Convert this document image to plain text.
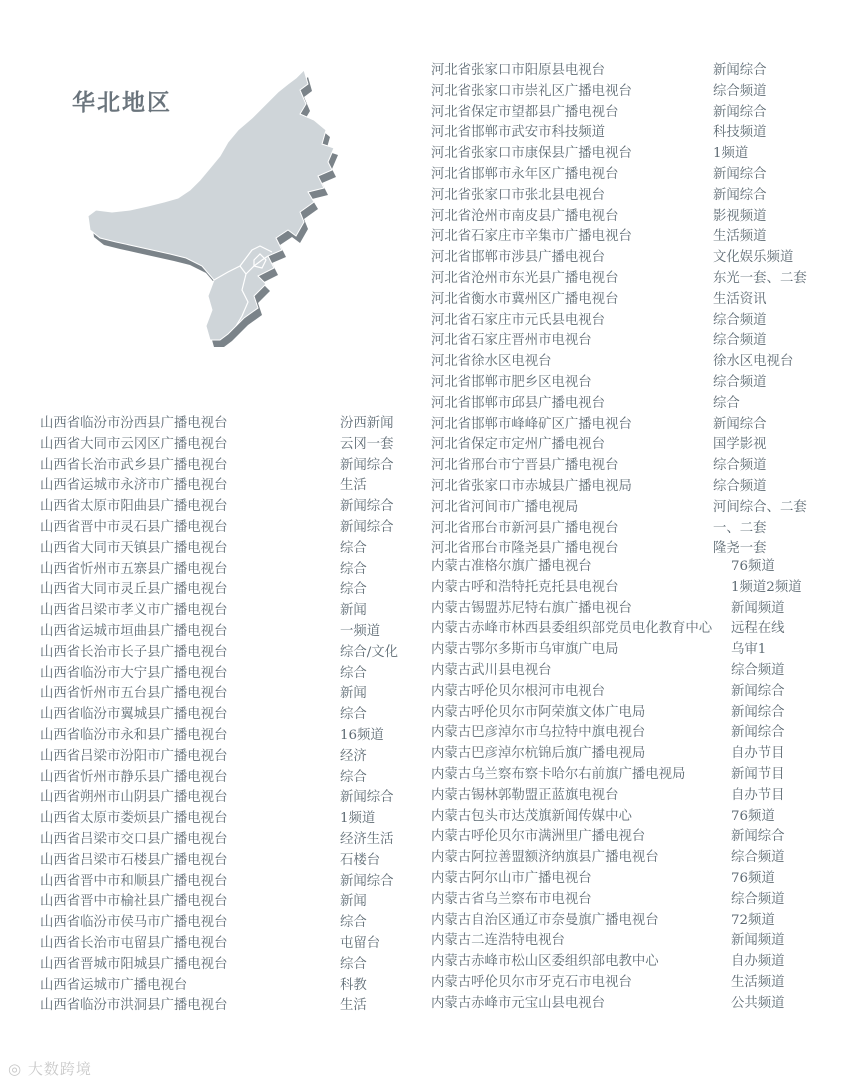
华北地区
山西省临汾市汾西县广播电视台	汾西新闻
山西省大同市云冈区广播电视台	云冈一套
山西省长治市武乡县广播电视台	新闻综合
山西省运城市永济市广播电视台	生活
山西省太原市阳曲县广播电视台	新闻综合
山西省晋中市灵石县广播电视台	新闻综合
山西省大同市天镇县广播电视台	综合
山西省忻州市五寨县广播电视台	综合
山西省大同市灵丘县广播电视台	综合
山西省吕梁市孝义市广播电视台	新闻
山西省运城市垣曲县广播电视台	一频道
山西省长治市长子县广播电视台	综合/文化
山西省临汾市大宁县广播电视台	综合
山西省忻州市五台县广播电视台	新闻
山西省临汾市翼城县广播电视台	综合
山西省临汾市永和县广播电视台	16频道
山西省吕梁市汾阳市广播电视台	经济
山西省忻州市静乐县广播电视台	综合
山西省朔州市山阴县广播电视台	新闻综合
山西省太原市娄烦县广播电视台	1频道
山西省吕梁市交口县广播电视台	经济生活
山西省吕梁市石楼县广播电视台	石楼台
山西省晋中市和顺县广播电视台	新闻综合
山西省晋中市榆社县广播电视台	新闻
山西省临汾市侯马市广播电视台	综合
山西省长治市屯留县广播电视台	屯留台
山西省晋城市阳城县广播电视台	综合
山西省运城市广播电视台	科教
山西省临汾市洪洞县广播电视台	生活
河北省张家口市阳原县电视台	新闻综合
河北省张家口市崇礼区广播电视台	综合频道
河北省保定市望都县广播电视台	新闻综合
河北省邯郸市武安市科技频道	科技频道
河北省张家口市康保县广播电视台	1频道
河北省邯郸市永年区广播电视台	新闻综合
河北省张家口市张北县电视台	新闻综合
河北省沧州市南皮县广播电视台	影视频道
河北省石家庄市辛集市广播电视台	生活频道
河北省邯郸市涉县广播电视台	文化娱乐频道
河北省沧州市东光县广播电视台	东光一套、二套
河北省衡水市冀州区广播电视台	生活资讯
河北省石家庄市元氏县电视台	综合频道
河北省石家庄晋州市电视台	综合频道
河北省徐水区电视台	徐水区电视台
河北省邯郸市肥乡区电视台	综合频道
河北省邯郸市邱县广播电视台	综合
河北省邯郸市峰峰矿区广播电视台	新闻综合
河北省保定市定州广播电视台	国学影视
河北省邢台市宁晋县广播电视台	综合频道
河北省张家口市赤城县广播电视局	综合频道
河北省河间市广播电视局	河间综合、二套
河北省邢台市新河县广播电视台	一、二套
河北省邢台市隆尧县广播电视台	隆尧一套
内蒙古准格尔旗广播电视台	76频道
内蒙古呼和浩特托克托县电视台	1频道2频道
内蒙古锡盟苏尼特右旗广播电视台	新闻频道
内蒙古赤峰市林西县委组织部党员电化教育中心 远程在线
内蒙古鄂尔多斯市乌审旗广电局	乌审1
内蒙古武川县电视台	综合频道
内蒙古呼伦贝尔根河市电视台	新闻综合
内蒙古呼伦贝尔市阿荣旗文体广电局	新闻综合
内蒙古巴彦淖尔市乌拉特中旗电视台	新闻综合
内蒙古巴彦淖尔杭锦后旗广播电视局	自办节目
内蒙古乌兰察布察卡哈尔右前旗广播电视局	新闻节目
内蒙古锡林郭勒盟正蓝旗电视台	自办节目
内蒙古包头市达茂旗新闻传媒中心	76频道
内蒙古呼伦贝尔市满洲里广播电视台	新闻综合
内蒙古阿拉善盟额济纳旗县广播电视台	综合频道
内蒙古阿尔山市广播电视台	76频道
内蒙古省乌兰察布市电视台	综合频道
内蒙古自治区通辽市奈曼旗广播电视台	72频道
内蒙古二连浩特电视台	新闻频道
内蒙古赤峰市松山区委组织部电教中心	自办频道
内蒙古呼伦贝尔市牙克石市电视台	生活频道
内蒙古赤峰市元宝山县电视台	公共频道
◎ 大数跨境
